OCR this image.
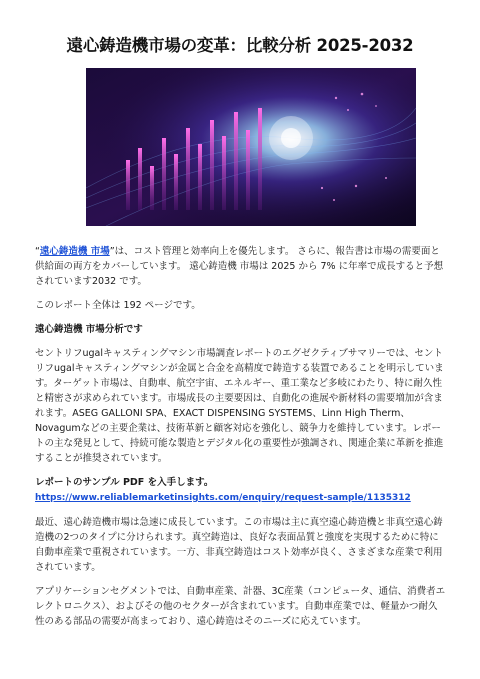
遠心鋳造機市場の変革：比較分析 2025-2032

“遠心鋳造機 市場”は、コスト管理と効率向上を優先します。 さらに、報告書は市場の需要面と供給面の両方をカバーしています。 遠心鋳造機 市場は 2025 から 7% に年率で成長すると予想されています2032 です。

このレポート全体は 192 ページです。

遠心鋳造機 市場分析です

セントリフugalキャスティングマシン市場調査レポートのエグゼクティブサマリーでは、セントリフugalキャスティングマシンが金属と合金を高精度で鋳造する装置であることを明示しています。ターゲット市場は、自動車、航空宇宙、エネルギー、重工業など多岐にわたり、特に耐久性と精密さが求められています。市場成長の主要要因は、自動化の進展や新材料の需要増加が含まれます。ASEG GALLONI SPA、EXACT DISPENSING SYSTEMS、Linn High Therm、Novagumなどの主要企業は、技術革新と顧客対応を強化し、競争力を維持しています。レポートの主な発見として、持続可能な製造とデジタル化の重要性が強調され、関連企業に革新を推進することが推奨されています。

レポートのサンプル PDF を入手します。 https://www.reliablemarketinsights.com/enquiry/request-sample/1135312

最近、遠心鋳造機市場は急速に成長しています。この市場は主に真空遠心鋳造機と非真空遠心鋳造機の2つのタイプに分けられます。真空鋳造は、良好な表面品質と強度を実現するために特に自動車産業で重視されています。一方、非真空鋳造はコスト効率が良く、さまざまな産業で利用されています。

アプリケーションセグメントでは、自動車産業、計器、3C産業（コンピュータ、通信、消費者エレクトロニクス）、およびその他のセクターが含まれています。自動車産業では、軽量かつ耐久性のある部品の需要が高まっており、遠心鋳造はそのニーズに応えています。
